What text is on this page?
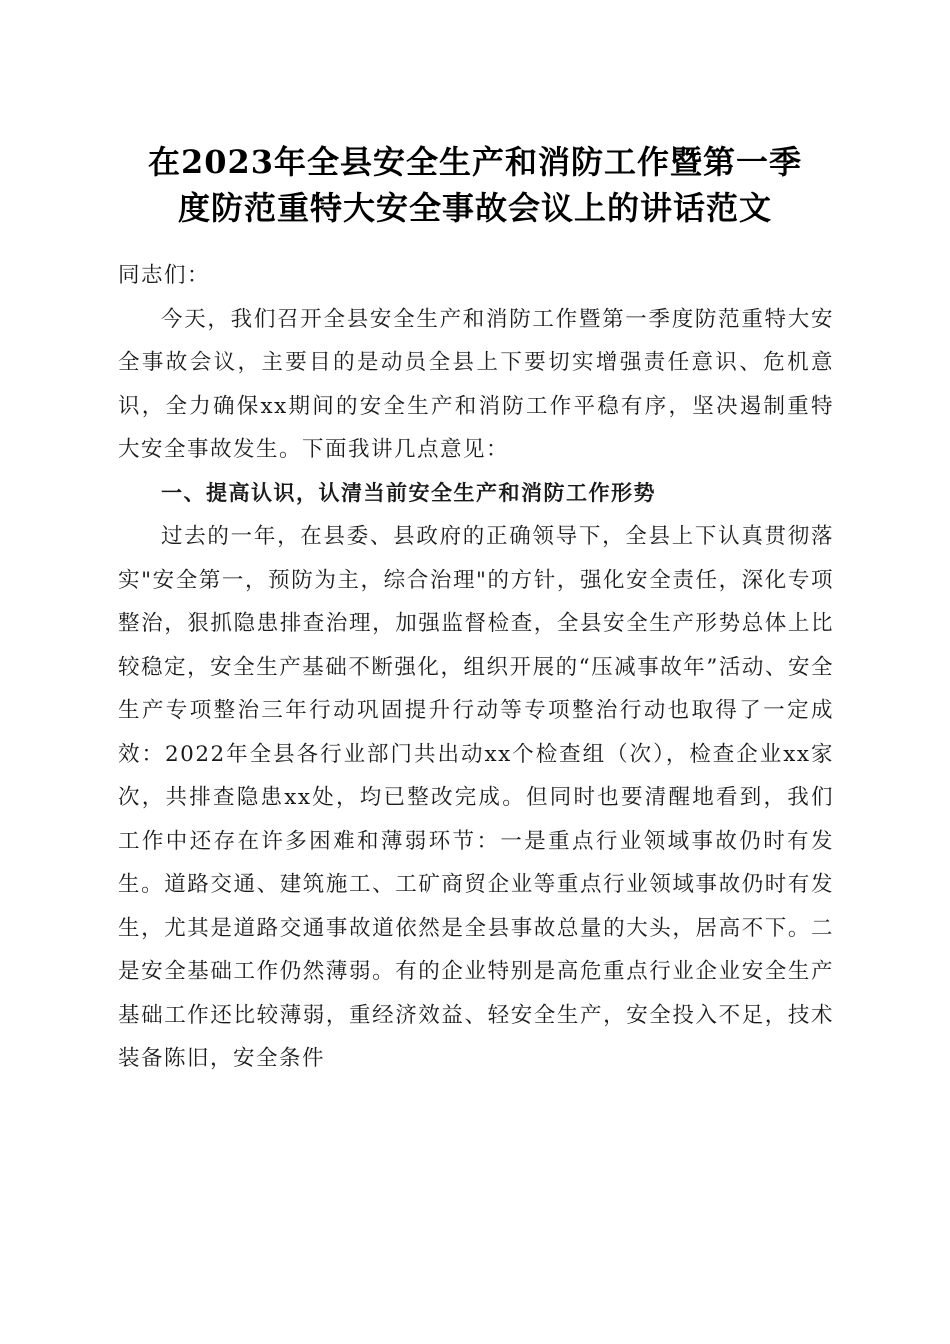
在2023年全县安全生产和消防工作暨第一季
度防范重特大安全事故会议上的讲话范文

同志们：

今天，我们召开全县安全生产和消防工作暨第一季度防范重特大安全事故会议，主要目的是动员全县上下要切实增强责任意识、危机意识，全力确保xx期间的安全生产和消防工作平稳有序，坚决遏制重特大安全事故发生。下面我讲几点意见：

一、提高认识，认清当前安全生产和消防工作形势

过去的一年，在县委、县政府的正确领导下，全县上下认真贯彻落实"安全第一，预防为主，综合治理"的方针，强化安全责任，深化专项整治，狠抓隐患排查治理，加强监督检查，全县安全生产形势总体上比较稳定，安全生产基础不断强化，组织开展的“压减事故年”活动、安全生产专项整治三年行动巩固提升行动等专项整治行动也取得了一定成效：2022年全县各行业部门共出动xx个检查组（次），检查企业xx家次，共排查隐患xx处，均已整改完成。但同时也要清醒地看到，我们工作中还存在许多困难和薄弱环节：一是重点行业领域事故仍时有发生。道路交通、建筑施工、工矿商贸企业等重点行业领域事故仍时有发生，尤其是道路交通事故道依然是全县事故总量的大头，居高不下。二是安全基础工作仍然薄弱。有的企业特别是高危重点行业企业安全生产基础工作还比较薄弱，重经济效益、轻安全生产，安全投入不足，技术装备陈旧，安全条件
